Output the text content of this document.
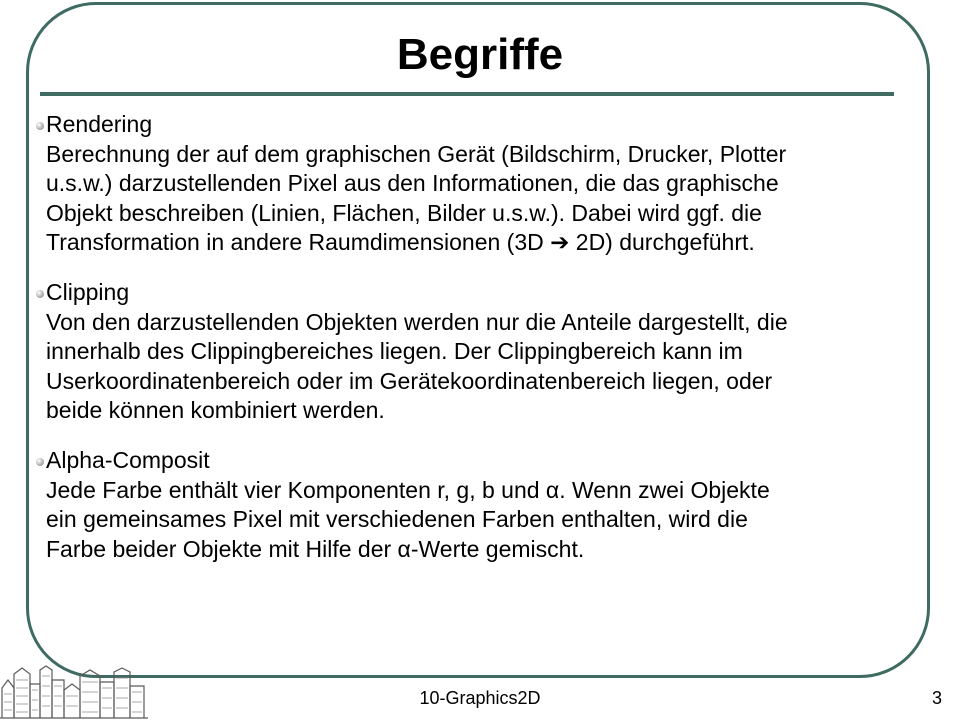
Begriffe
Rendering
Berechnung der auf dem graphischen Gerät (Bildschirm, Drucker, Plotter
u.s.w.) darzustellenden Pixel aus den Informationen, die das graphische
Objekt beschreiben (Linien, Flächen, Bilder u.s.w.). Dabei wird ggf. die
Transformation in andere Raumdimensionen (3D ➔ 2D) durchgeführt.
Clipping
Von den darzustellenden Objekten werden nur die Anteile dargestellt, die
innerhalb des Clippingbereiches liegen. Der Clippingbereich kann im
Userkoordinatenbereich oder im Gerätekoordinatenbereich liegen, oder
beide können kombiniert werden.
Alpha-Composit
Jede Farbe enthält vier Komponenten r, g, b und α. Wenn zwei Objekte
ein gemeinsames Pixel mit verschiedenen Farben enthalten, wird die
Farbe beider Objekte mit Hilfe der α-Werte gemischt.
10-Graphics2D	3
